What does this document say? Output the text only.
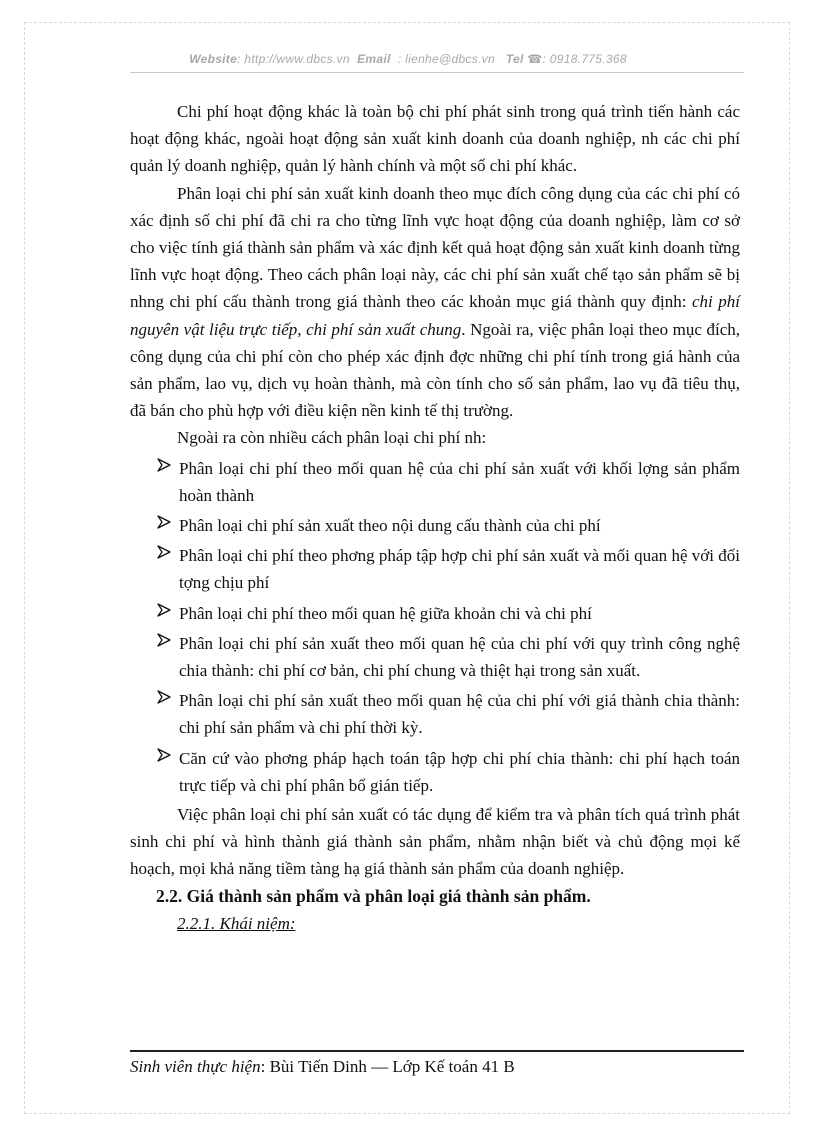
Website: http://www.dbcs.vn Email : lienhe@dbcs.vn Tel ☎: 0918.775.368

Chi phí hoạt động khác là toàn bộ chi phí phát sinh trong quá trình tiến hành các hoạt động khác, ngoài hoạt động sản xuất kinh doanh của doanh nghiệp, nh các chi phí quản lý doanh nghiệp, quản lý hành chính và một số chi phí khác.

Phân loại chi phí sản xuất kinh doanh theo mục đích công dụng của các chi phí có xác định số chi phí đã chi ra cho từng lĩnh vực hoạt động của doanh nghiệp, làm cơ sở cho việc tính giá thành sản phẩm và xác định kết quả hoạt động sản xuất kinh doanh từng lĩnh vực hoạt động. Theo cách phân loại này, các chi phí sản xuất chế tạo sản phẩm sẽ bị nhng chi phí cấu thành trong giá thành theo các khoản mục giá thành quy định: chi phí nguyên vật liệu trực tiếp, chi phí sản xuất chung. Ngoài ra, việc phân loại theo mục đích, công dụng của chi phí còn cho phép xác định đợc những chi phí tính trong giá hành của sản phẩm, lao vụ, dịch vụ hoàn thành, mà còn tính cho số sản phẩm, lao vụ đã tiêu thụ, đã bán cho phù hợp với điều kiện nền kinh tế thị trường.

Ngoài ra còn nhiều cách phân loại chi phí nh:

Phân loại chi phí theo mối quan hệ của chi phí sản xuất với khối lợng sản phẩm hoàn thành
Phân loại chi phí sản xuất theo nội dung cấu thành của chi phí
Phân loại chi phí theo phơng pháp tập hợp chi phí sản xuất và mối quan hệ với đối tợng chịu phí
Phân loại chi phí theo mối quan hệ giữa khoản chi và chi phí
Phân loại chi phí sản xuất theo mối quan hệ của chi phí với quy trình công nghệ chia thành: chi phí cơ bản, chi phí chung và thiệt hại trong sản xuất.
Phân loại chi phí sản xuất theo mối quan hệ của chi phí với giá thành chia thành: chi phí sản phẩm và chi phí thời kỳ.
Căn cứ vào phơng pháp hạch toán tập hợp chi phí chia thành: chi phí hạch toán trực tiếp và chi phí phân bổ gián tiếp.

Việc phân loại chi phí sản xuất có tác dụng để kiểm tra và phân tích quá trình phát sinh chi phí và hình thành giá thành sản phẩm, nhằm nhận biết và chủ động mọi kế hoạch, mọi khả năng tiềm tàng hạ giá thành sản phẩm của doanh nghiệp.

2.2. Giá thành sản phẩm và phân loại giá thành sản phẩm.

2.2.1. Khái niệm:

Sinh viên thực hiện: Bùi Tiến Dinh — Lớp Kế toán 41 B
